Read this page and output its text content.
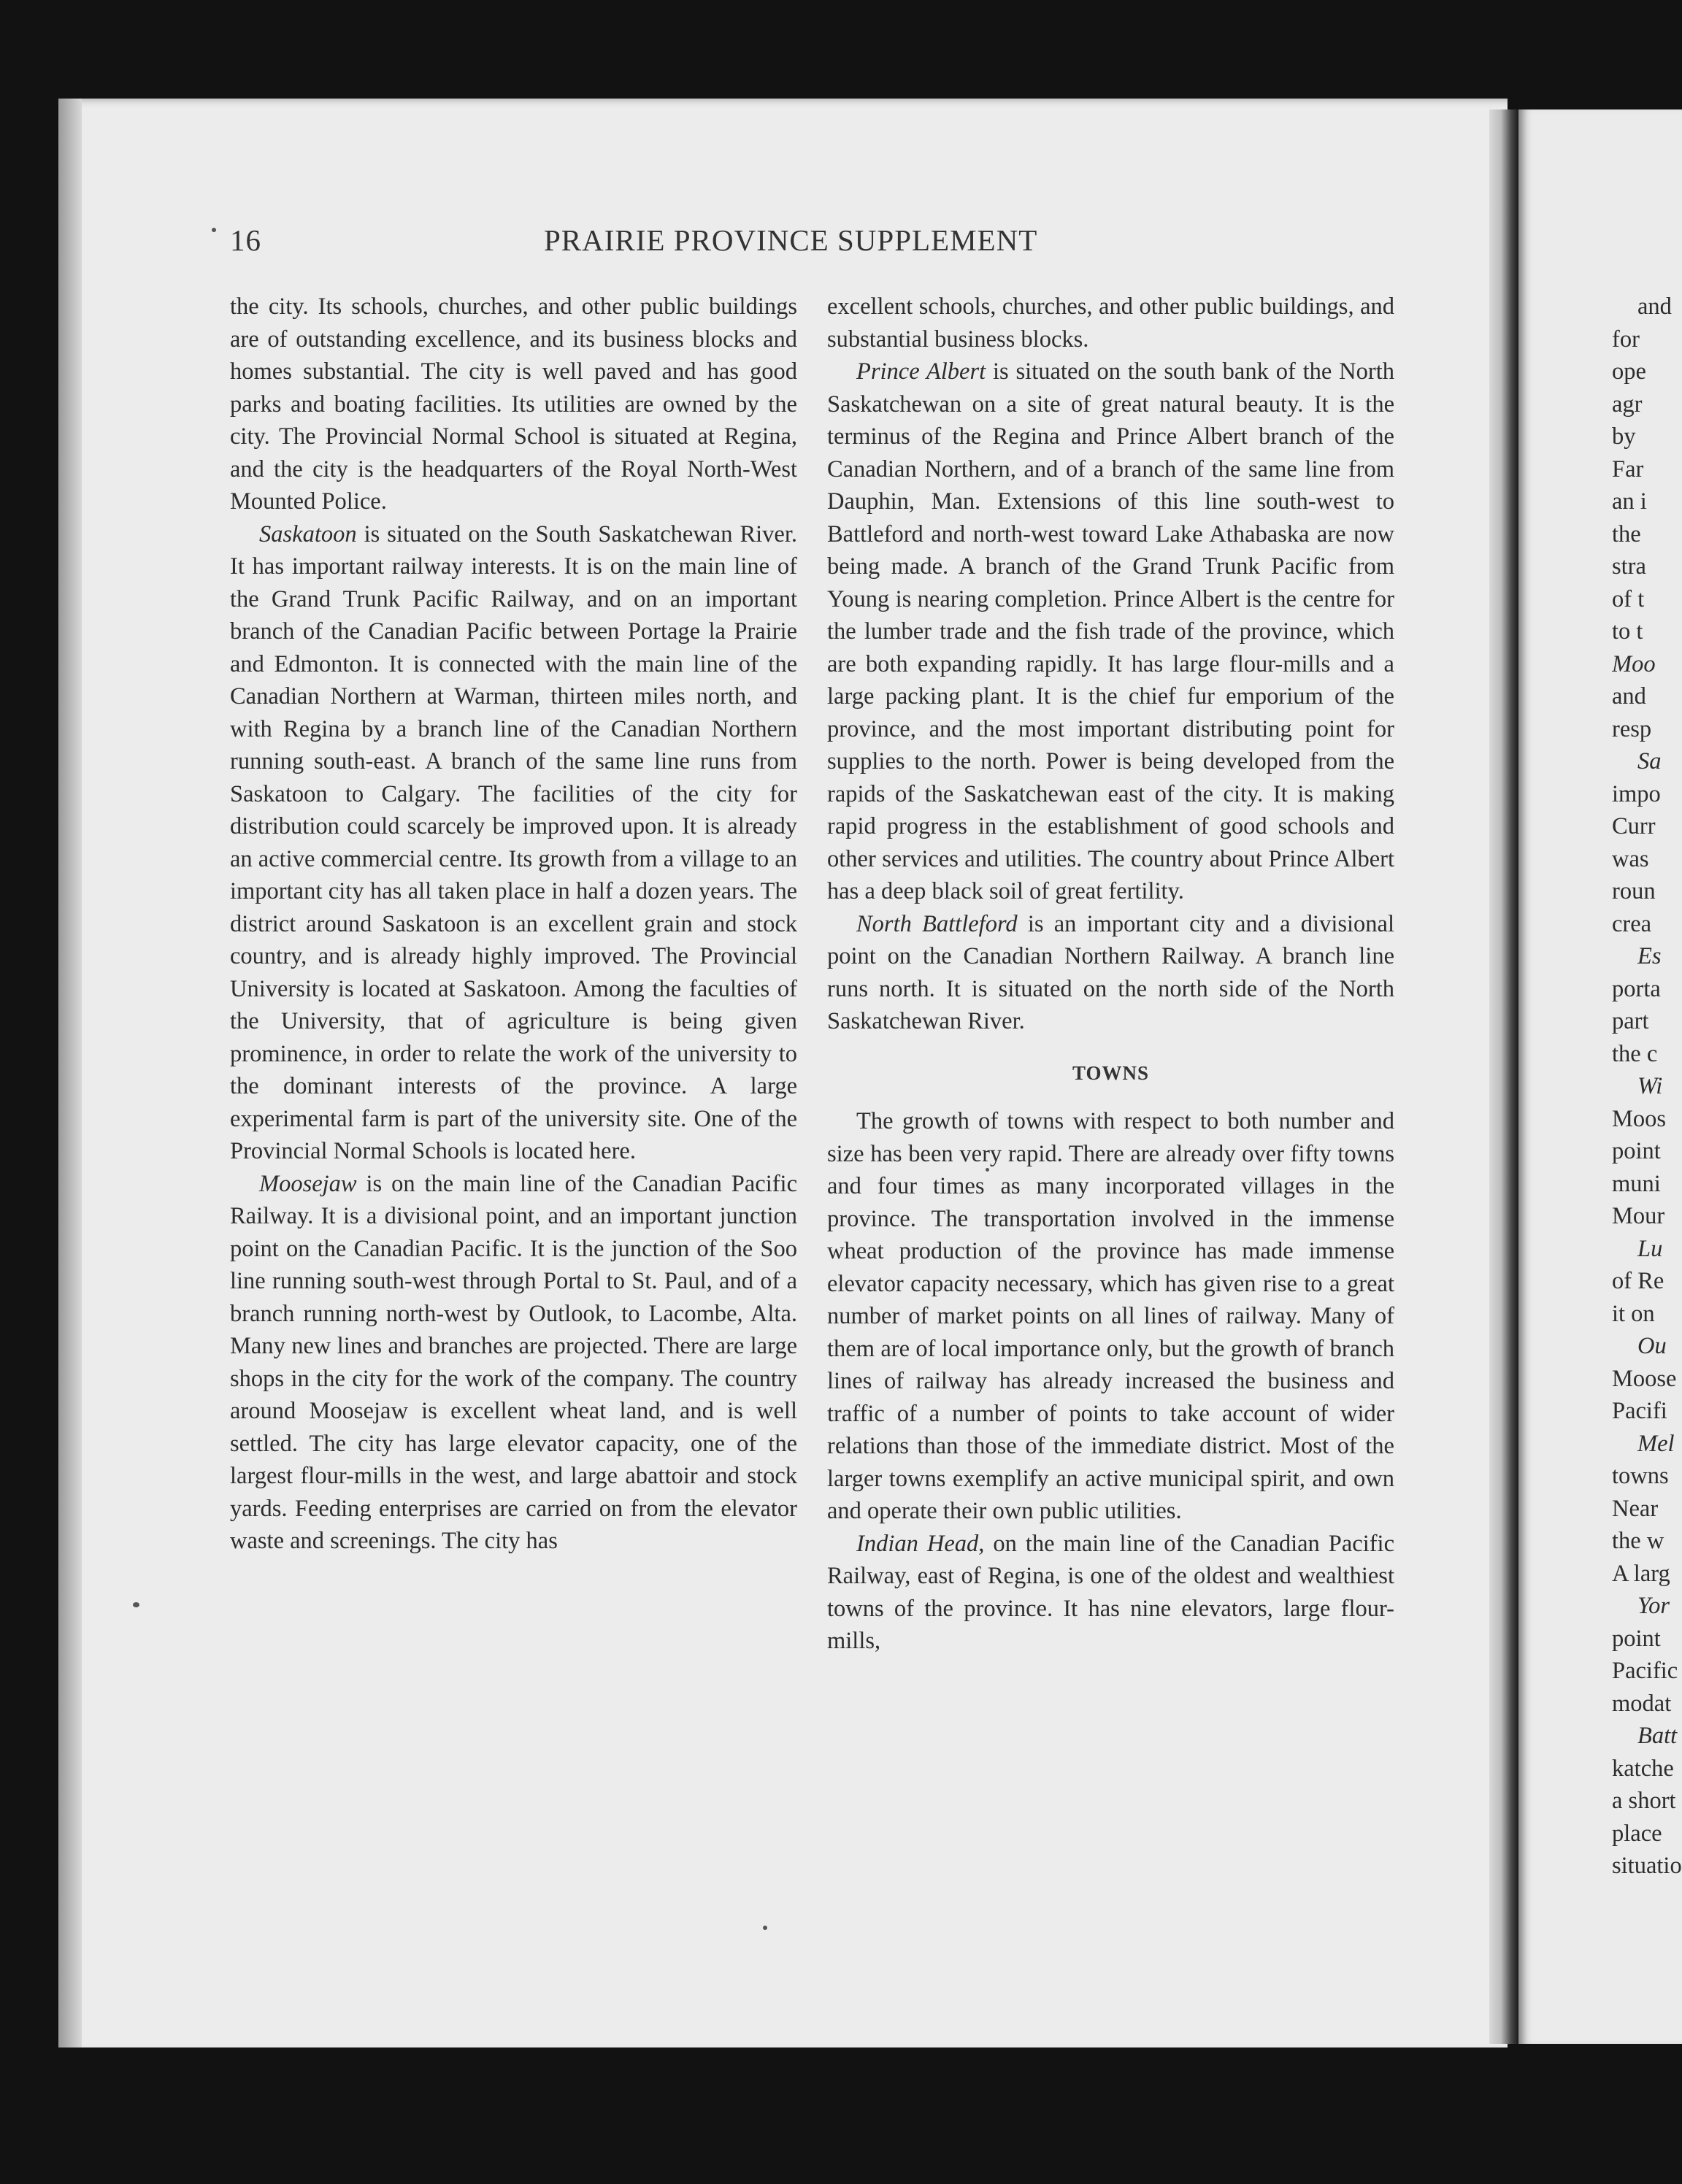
16	PRAIRIE PROVINCE SUPPLEMENT

the city. Its schools, churches, and other public buildings are of outstanding excellence, and its business blocks and homes substantial. The city is well paved and has good parks and boating facilities. Its utilities are owned by the city. The Provincial Normal School is situated at Regina, and the city is the headquarters of the Royal North-West Mounted Police.

Saskatoon is situated on the South Saskatchewan River. It has important railway interests. It is on the main line of the Grand Trunk Pacific Railway, and on an important branch of the Canadian Pacific between Portage la Prairie and Edmonton. It is connected with the main line of the Canadian Northern at Warman, thirteen miles north, and with Regina by a branch line of the Canadian Northern running south-east. A branch of the same line runs from Saskatoon to Calgary. The facilities of the city for distribution could scarcely be improved upon. It is already an active commercial centre. Its growth from a village to an important city has all taken place in half a dozen years. The district around Saskatoon is an excellent grain and stock country, and is already highly improved. The Provincial University is located at Saskatoon. Among the faculties of the University, that of agriculture is being given prominence, in order to relate the work of the university to the dominant interests of the province. A large experimental farm is part of the university site. One of the Provincial Normal Schools is located here.

Moosejaw is on the main line of the Canadian Pacific Railway. It is a divisional point, and an important junction point on the Canadian Pacific. It is the junction of the Soo line running south-west through Portal to St. Paul, and of a branch running north-west by Outlook, to Lacombe, Alta. Many new lines and branches are projected. There are large shops in the city for the work of the company. The country around Moosejaw is excellent wheat land, and is well settled. The city has large elevator capacity, one of the largest flour-mills in the west, and large abattoir and stock yards. Feeding enterprises are carried on from the elevator waste and screenings. The city has

excellent schools, churches, and other public buildings, and substantial business blocks.

Prince Albert is situated on the south bank of the North Saskatchewan on a site of great natural beauty. It is the terminus of the Regina and Prince Albert branch of the Canadian Northern, and of a branch of the same line from Dauphin, Man. Extensions of this line south-west to Battleford and north-west toward Lake Athabaska are now being made. A branch of the Grand Trunk Pacific from Young is nearing completion. Prince Albert is the centre for the lumber trade and the fish trade of the province, which are both expanding rapidly. It has large flour-mills and a large packing plant. It is the chief fur emporium of the province, and the most important distributing point for supplies to the north. Power is being developed from the rapids of the Saskatchewan east of the city. It is making rapid progress in the establishment of good schools and other services and utilities. The country about Prince Albert has a deep black soil of great fertility.

North Battleford is an important city and a divisional point on the Canadian Northern Railway. A branch line runs north. It is situated on the north side of the North Saskatchewan River.

TOWNS

The growth of towns with respect to both number and size has been very rapid. There are already over fifty towns and four times as many incorporated villages in the province. The transportation involved in the immense wheat production of the province has made immense elevator capacity necessary, which has given rise to a great number of market points on all lines of railway. Many of them are of local importance only, but the growth of branch lines of railway has already increased the business and traffic of a number of points to take account of wider relations than those of the immediate district. Most of the larger towns exemplify an active municipal spirit, and own and operate their own public utilities.

Indian Head, on the main line of the Canadian Pacific Railway, east of Regina, is one of the oldest and wealthiest towns of the province. It has nine elevators, large flour-mills,

and
for
ope
agr
by
Far
an i
the
stra
of t
to t
Moo
and
resp
Sa
impo
Curr
was
roun
crea
Es
porta
part
the c
Wi
Moos
point
muni
Mour
Lu
of Re
it on
Ou
Moose
Pacifi
Mel
towns
Near
the w
A larg
Yor
point
Pacific
modat
Batt
katche
a short
place
situatio
